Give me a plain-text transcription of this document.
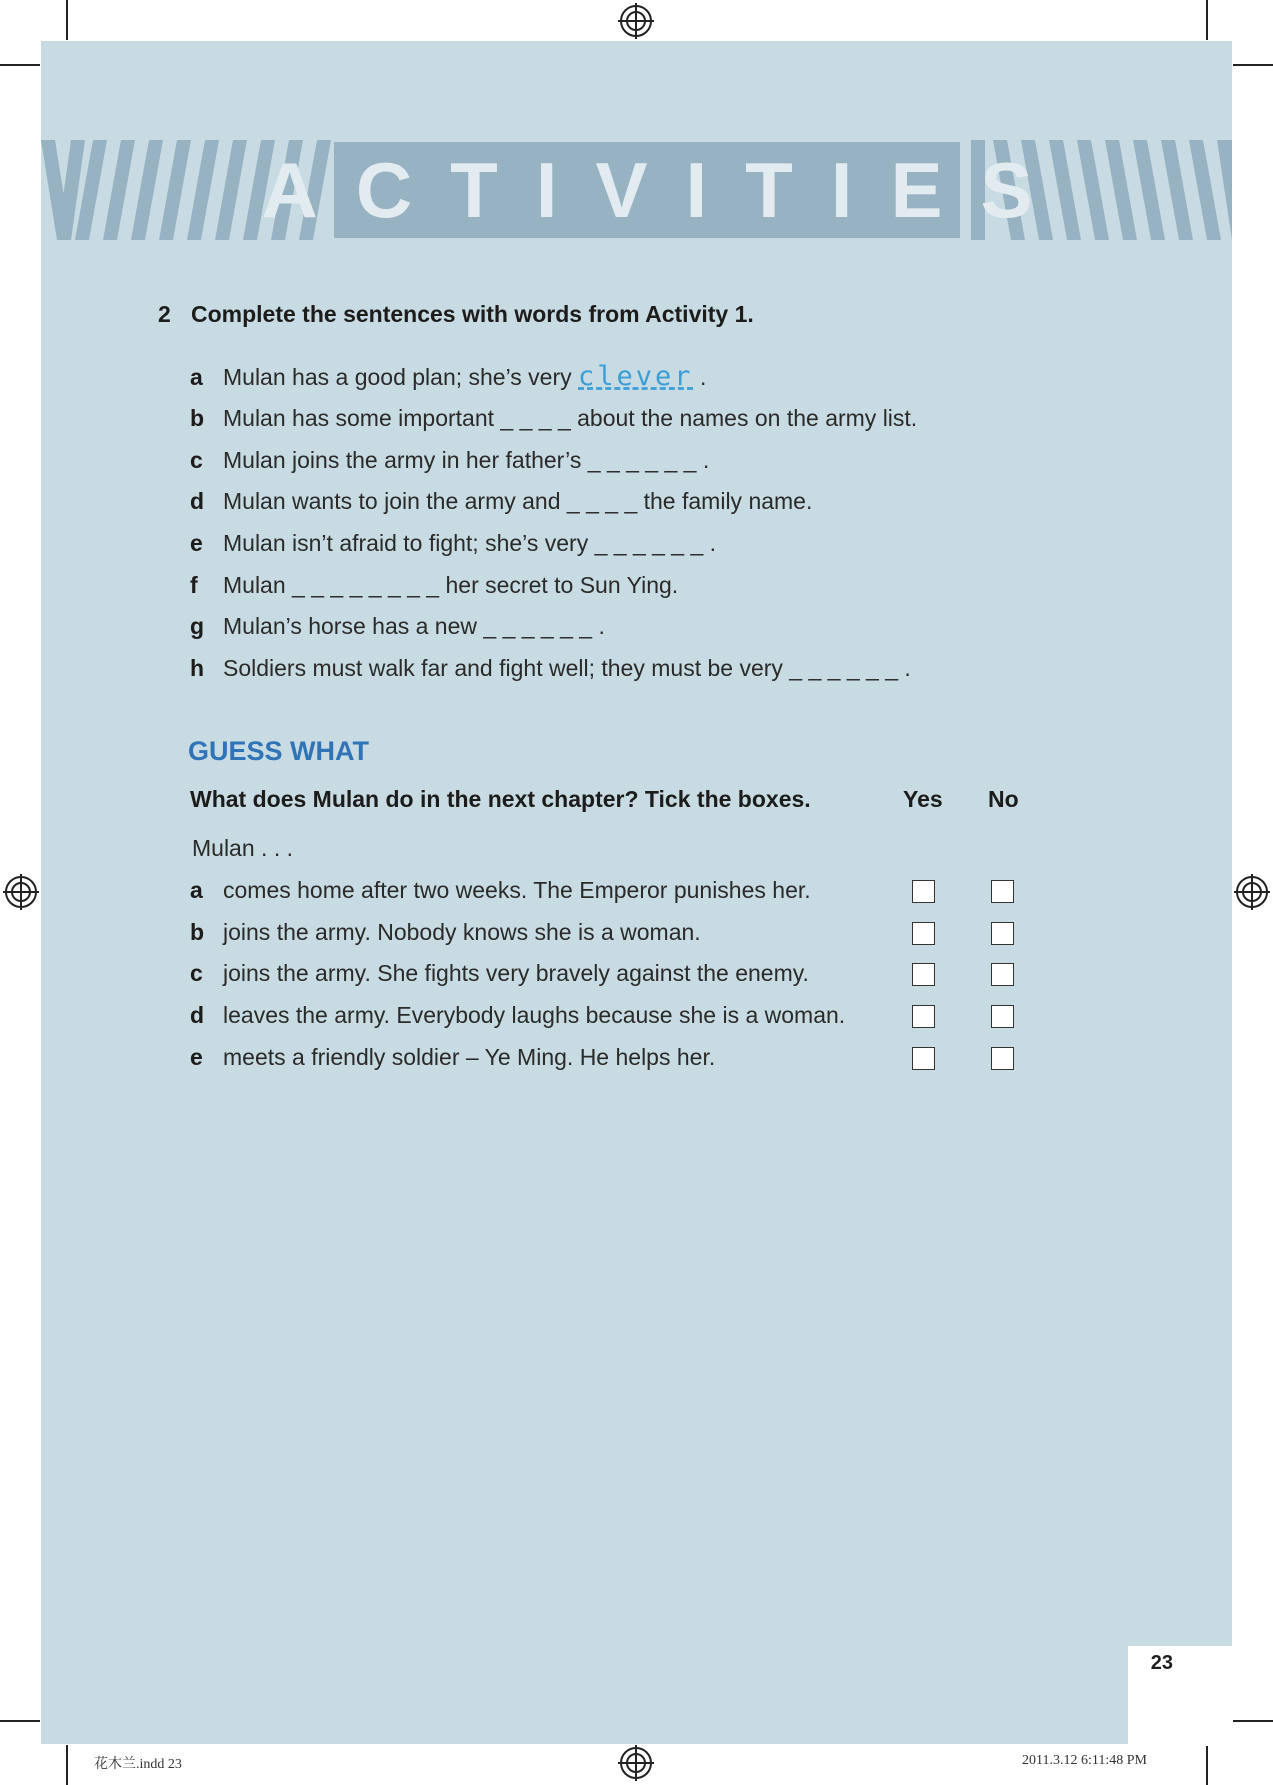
23
ACTIVITIES
2 Complete the sentences with words from Activity 1.
a Mulan has a good plan; she’s very clever .
b Mulan has some important _ _ _ _ about the names on the army list.
c Mulan joins the army in her father’s _ _ _ _ _ _ .
d Mulan wants to join the army and _ _ _ _ the family name.
e Mulan isn’t afraid to fight; she’s very _ _ _ _ _ _ .
f Mulan _ _ _ _ _ _ _ _ her secret to Sun Ying.
g Mulan’s horse has a new _ _ _ _ _ _ .
h Soldiers must walk far and fight well; they must be very _ _ _ _ _ _ .
GUESS WHAT
What does Mulan do in the next chapter? Tick the boxes.	Yes No
Mulan . . .
a comes home after two weeks. The Emperor punishes her.
b joins the army. Nobody knows she is a woman.
c joins the army. She fights very bravely against the enemy.
d leaves the army. Everybody laughs because she is a woman.
e meets a friendly soldier – Ye Ming. He helps her.
花木兰.indd 23	2011.3.12 6:11:48 PM
